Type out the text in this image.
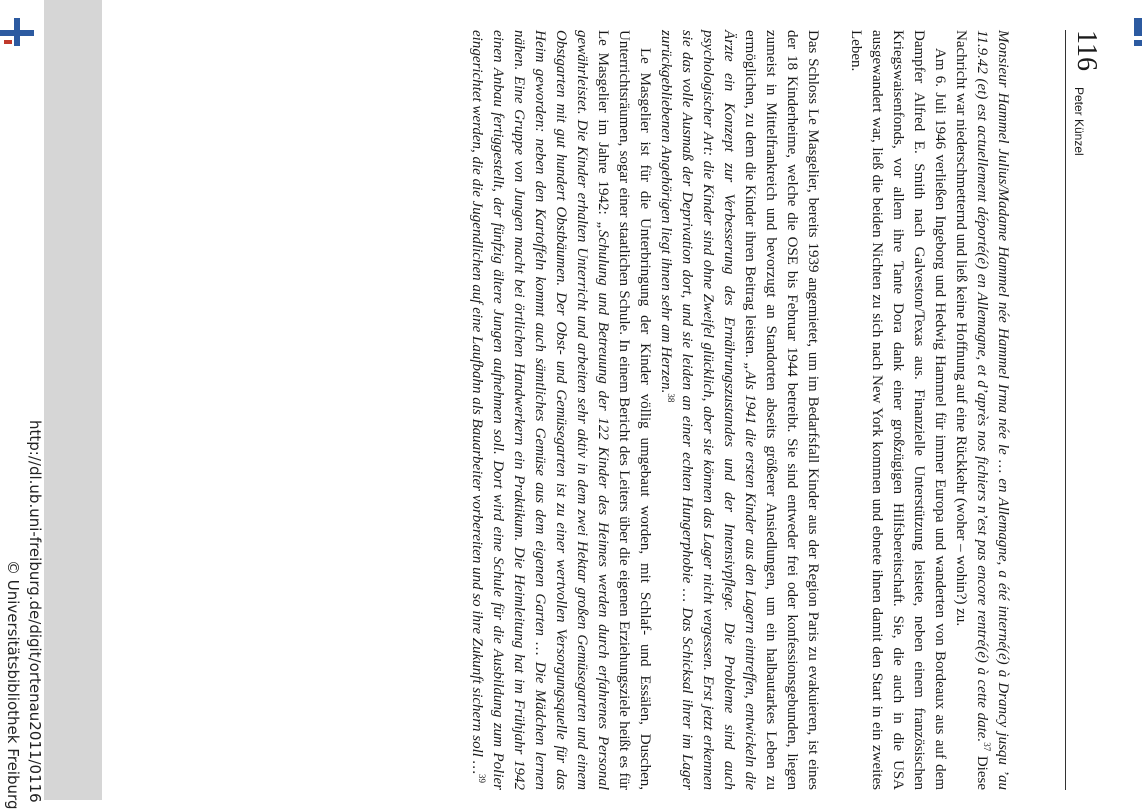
http://dl.ub.uni-freiburg.de/digit/ortenau2011/0116
© Universitätsbibliothek Freiburg
116
Peter Künzel

Monsieur Hammel Julius/Madame Hammel née Hammel Irma née le … en Allemagne, a été interné(é) à Drancy jusqu ’au 11.9.42 (et) est actuellement déporté(é) en Allemagne, et d’après nos fichiers n’est pas encore rentré(é) à cette date.$^{37}$ Diese Nachricht war niederschmetternd und ließ keine Hoffnung auf eine Rückkehr (woher – wohin?) zu.

Am 6. Juli 1946 verließen Ingeborg und Hedwig Hammel für immer Europa und wanderten von Bordeaux aus auf dem Dampfer Alfred E. Smith nach Galveston/Texas aus. Finanzielle Unterstützung leistete, neben einem französischen Kriegswaisenfonds, vor allem ihre Tante Dora dank einer großzügigen Hilfsbereitschaft. Sie, die auch in die USA ausgewandert war, ließ die beiden Nichten zu sich nach New York kommen und ebnete ihnen damit den Start in ein zweites Leben.

Das Schloss Le Masgelier, bereits 1939 angemietet, um im Bedarfsfall Kinder aus der Region Paris zu evakuieren, ist eines der 18 Kinderheime, welche die OSE bis Februar 1944 betreibt. Sie sind entweder frei oder konfessionsgebunden, liegen zumeist in Mittelfrankreich und bevorzugt an Standorten abseits größerer Ansiedlungen, um ein halbautarkes Leben zu ermöglichen, zu dem die Kinder ihren Beitrag leisten. „Als 1941 die ersten Kinder aus den Lagern eintreffen, entwickeln die Ärzte ein Konzept zur Verbesserung des Ernährungszustandes und der Intensivpflege. Die Probleme sind auch psychologischer Art: die Kinder sind ohne Zweifel glücklich, aber sie können das Lager nicht vergessen. Erst jetzt erkennen sie das volle Ausmaß der Deprivation dort, und sie leiden an einer echten Hungerphobie … Das Schicksal ihrer im Lager zurückgebliebenen Angehörigen liegt ihnen sehr am Herzen.$^{38}$

Le Masgelier ist für die Unterbringung der Kinder völlig umgebaut worden, mit Schlaf- und Essälen, Duschen, Unterrichtsräumen, sogar einer staatlichen Schule. In einem Bericht des Leiters über die eigenen Erziehungsziele heißt es für Le Masgelier im Jahre 1942: „Schulung und Betreuung der 122 Kinder des Heimes werden durch erfahrenes Personal gewährleistet. Die Kinder erhalten Unterricht und arbeiten sehr aktiv in dem zwei Hektar großen Gemüsegarten und einem Obstgarten mit gut hundert Obstbäumen. Der Obst- und Gemüsegarten ist zu einer wertvollen Versorgungsquelle für das Heim geworden: neben den Kartoffeln kommt auch sämtliches Gemüse aus dem eigenen Garten … Die Mädchen lernen nähen. Eine Gruppe von Jungen macht bei örtlichen Handwerkern ein Praktikum. Die Heimleitung hat im Frühjahr 1942 einen Anbau fertiggestellt, der fünfzig ältere Jungen aufnehmen soll. Dort wird eine Schule für die Ausbildung zum Polier eingerichtet werden, die die Jugendlichen auf eine Laufbahn als Bauarbeiter vorbereiten und so ihre Zukunft sichern soll …$^{39}$
